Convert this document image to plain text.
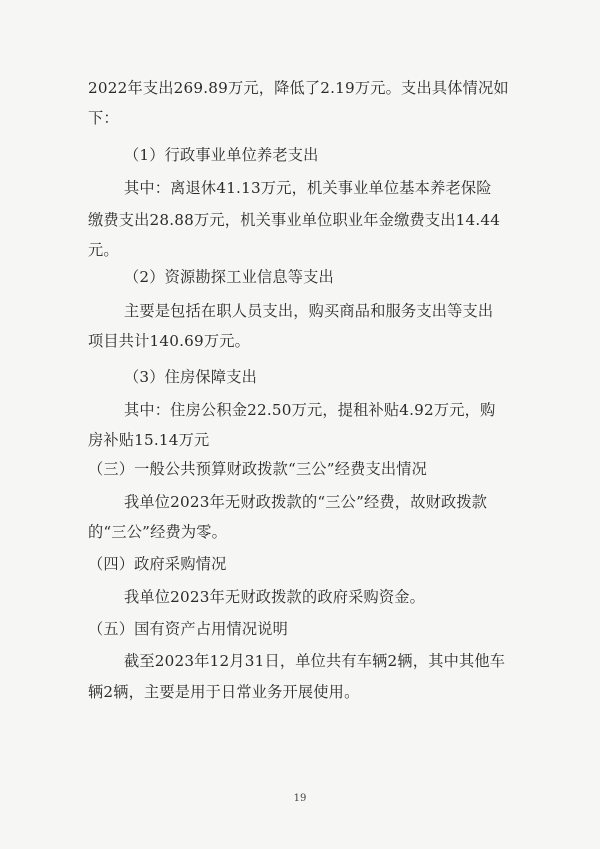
2022年支出269.89万元，降低了2.19万元。支出具体情况如
下：
（1）行政事业单位养老支出
其中：离退休41.13万元，机关事业单位基本养老保险
缴费支出28.88万元，机关事业单位职业年金缴费支出14.44
元。
（2）资源勘探工业信息等支出
主要是包括在职人员支出，购买商品和服务支出等支出
项目共计140.69万元。
（3）住房保障支出
其中：住房公积金22.50万元，提租补贴4.92万元，购
房补贴15.14万元
（三）一般公共预算财政拨款“三公”经费支出情况
我单位2023年无财政拨款的“三公”经费，故财政拨款
的“三公”经费为零。
（四）政府采购情况
我单位2023年无财政拨款的政府采购资金。
（五）国有资产占用情况说明
截至2023年12月31日，单位共有车辆2辆，其中其他车
辆2辆，主要是用于日常业务开展使用。
19
